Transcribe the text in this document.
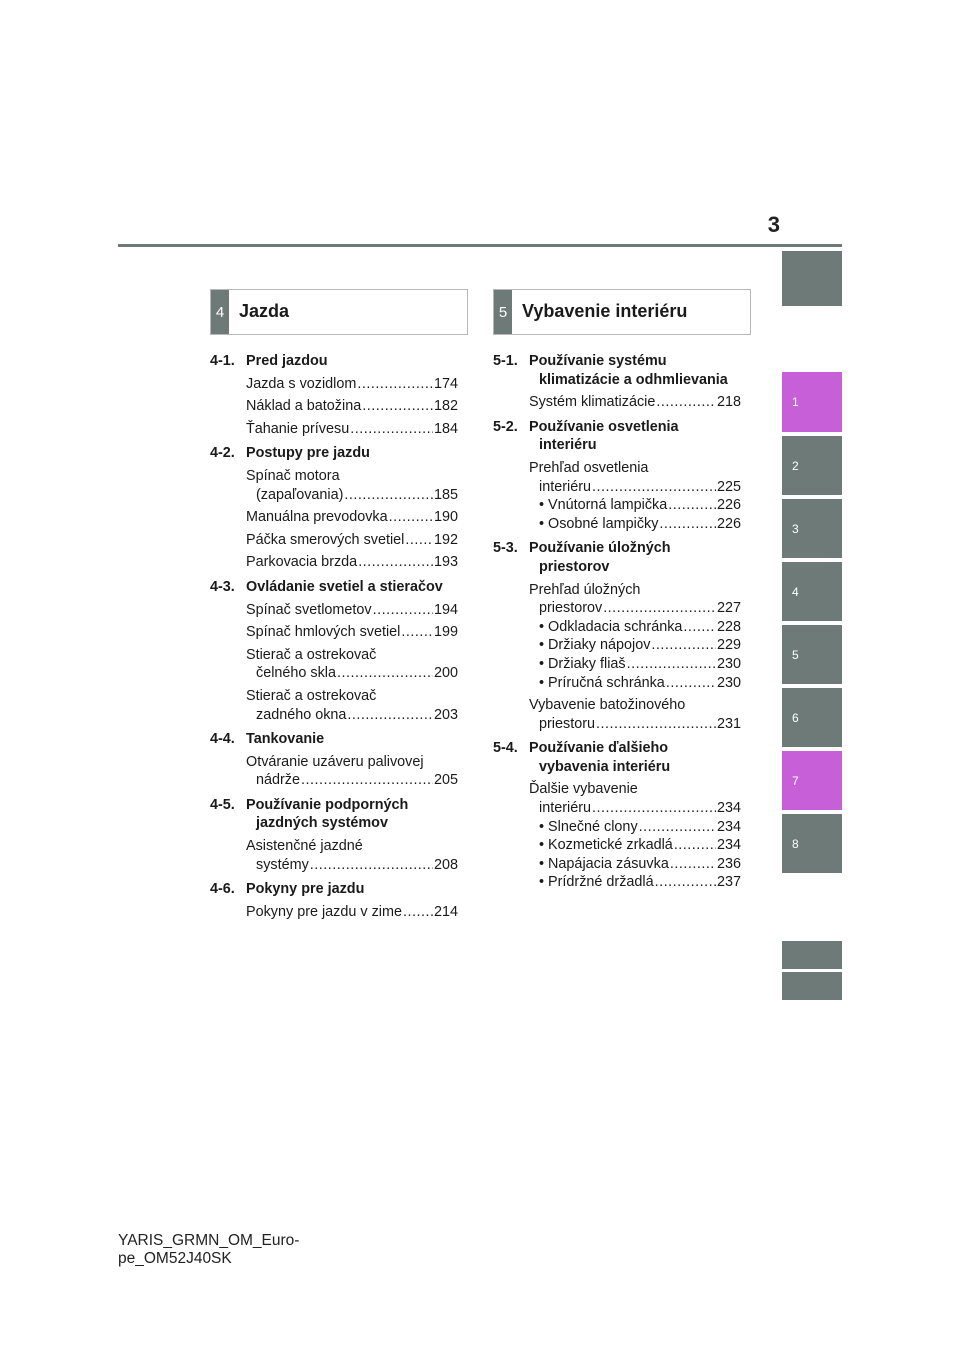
3
1
2
3
4
5
6
7
8
4 Jazda	5 Vybavenie interiéru
4-1. Pred jazdou
Jazda s vozidlom .....	174
Náklad a batožina .....	182
Ťahanie prívesu .....	184
4-2. Postupy pre jazdu
Spínač motora
(zapaľovania) .....	185
Manuálna prevodovka .....	190
Páčka smerových svetiel ..... 192
Parkovacia brzda .....	193
4-3. Ovládanie svetiel a stieračov
Spínač svetlometov .....	194
Spínač hmlových svetiel ..... 199
Stierač a ostrekovač
čelného skla .....	200
Stierač a ostrekovač
zadného okna .....	203
4-4. Tankovanie
Otváranie uzáveru palivovej
nádrže .....	205
4-5. Používanie podporných
jazdných systémov
Asistenčné jazdné
systémy .....	208
4-6. Pokyny pre jazdu
Pokyny pre jazdu v zime ..... 214
5-1. Používanie systému
klimatizácie a odhmlievania
Systém klimatizácie .....	218
5-2. Používanie osvetlenia
interiéru
Prehľad osvetlenia
interiéru .....	225
• Vnútorná lampička .....	226
• Osobné lampičky .....	226
5-3. Používanie úložných
priestorov
Prehľad úložných
priestorov .....	227
• Odkladacia schránka ..... 228
• Držiaky nápojov .....	229
• Držiaky fliaš .....	230
• Príručná schránka .....	230
Vybavenie batožinového
priestoru .....	231
5-4. Používanie ďalšieho
vybavenia interiéru
Ďalšie vybavenie
interiéru .....	234
• Slnečné clony .....	234
• Kozmetické zrkadlá .....	234
• Napájacia zásuvka .....	236
• Prídržné držadlá .....	237
YARIS_GRMN_OM_Euro-
pe_OM52J40SK
